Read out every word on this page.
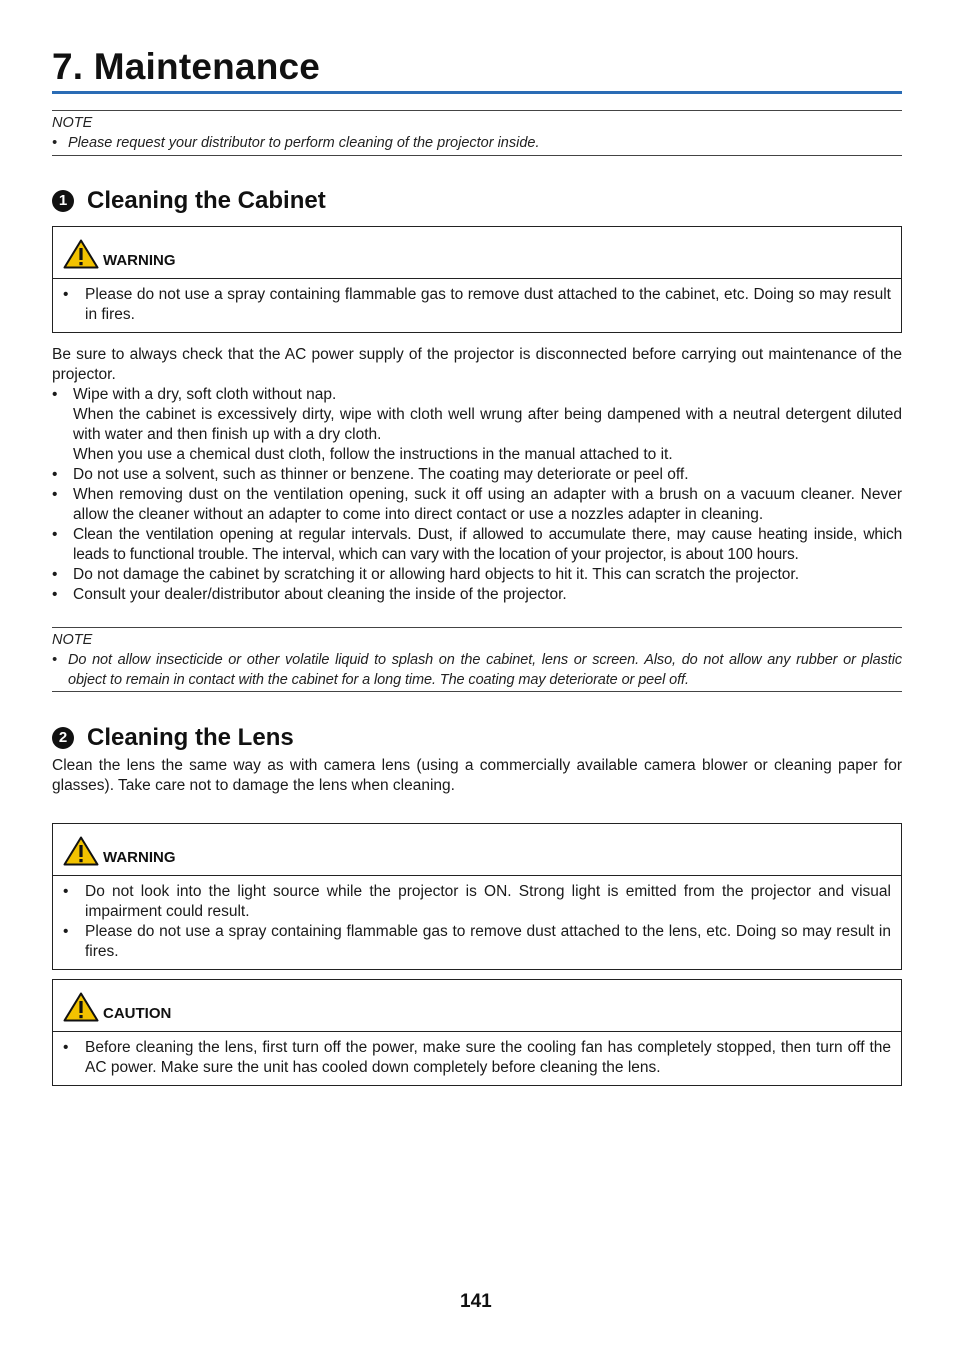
7. Maintenance
NOTE
• Please request your distributor to perform cleaning of the projector inside.
1 Cleaning the Cabinet
WARNING
•	Please do not use a spray containing flammable gas to remove dust attached to the cabinet, etc. Doing so may result in fires.
Be sure to always check that the AC power supply of the projector is disconnected before carrying out maintenance of the projector.
•	Wipe with a dry, soft cloth without nap.
When the cabinet is excessively dirty, wipe with cloth well wrung after being dampened with a neutral detergent diluted with water and then finish up with a dry cloth.
When you use a chemical dust cloth, follow the instructions in the manual attached to it.
•	Do not use a solvent, such as thinner or benzene. The coating may deteriorate or peel off.
•	When removing dust on the ventilation opening, suck it off using an adapter with a brush on a vacuum cleaner. Never allow the cleaner without an adapter to come into direct contact or use a nozzles adapter in cleaning.
•	Clean the ventilation opening at regular intervals. Dust, if allowed to accumulate there, may cause heating inside, which leads to functional trouble. The interval, which can vary with the location of your projector, is about 100 hours.
•	Do not damage the cabinet by scratching it or allowing hard objects to hit it. This can scratch the projector.
•	Consult your dealer/distributor about cleaning the inside of the projector.
NOTE
• Do not allow insecticide or other volatile liquid to splash on the cabinet, lens or screen. Also, do not allow any rubber or plastic object to remain in contact with the cabinet for a long time. The coating may deteriorate or peel off.
2 Cleaning the Lens
Clean the lens the same way as with camera lens (using a commercially available camera blower or cleaning paper for glasses). Take care not to damage the lens when cleaning.
WARNING
•	Do not look into the light source while the projector is ON. Strong light is emitted from the projector and visual impairment could result.
•	Please do not use a spray containing flammable gas to remove dust attached to the lens, etc. Doing so may result in fires.
CAUTION
•	Before cleaning the lens, first turn off the power, make sure the cooling fan has completely stopped, then turn off the AC power. Make sure the unit has cooled down completely before cleaning the lens.
141
